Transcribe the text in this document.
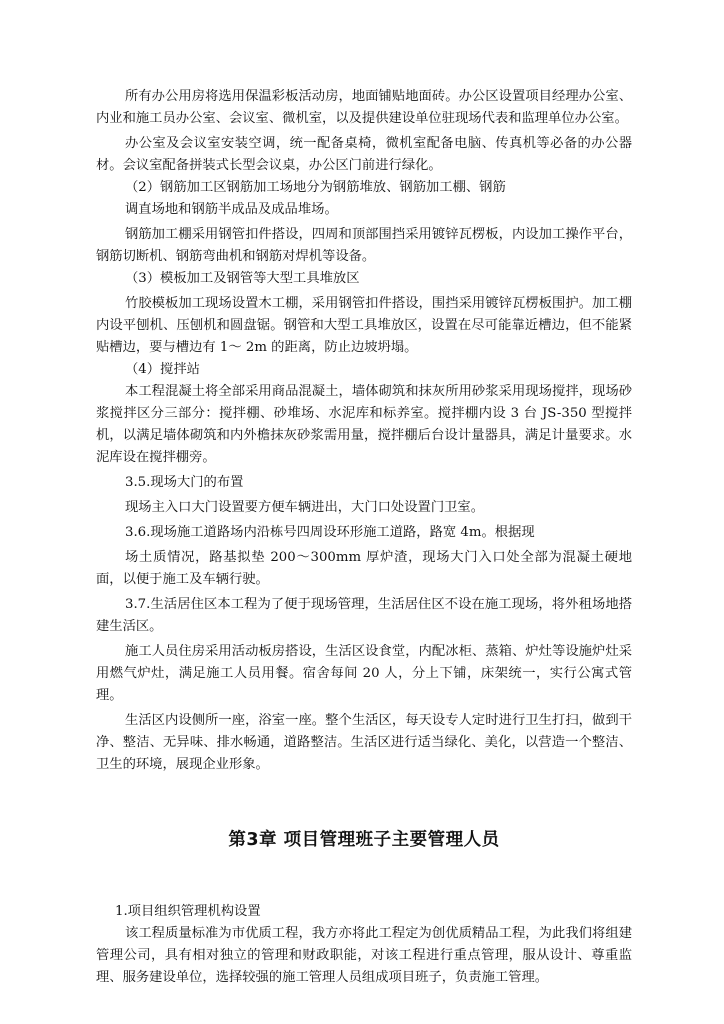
所有办公用房将选用保温彩板活动房，地面铺贴地面砖。办公区设置项目经理办公室、内业和施工员办公室、会议室、微机室，以及提供建设单位驻现场代表和监理单位办公室。

办公室及会议室安装空调，统一配备桌椅，微机室配备电脑、传真机等必备的办公器材。会议室配备拼装式长型会议桌，办公区门前进行绿化。

（2）钢筋加工区钢筋加工场地分为钢筋堆放、钢筋加工棚、钢筋

调直场地和钢筋半成品及成品堆场。

钢筋加工棚采用钢管扣件搭设，四周和顶部围挡采用镀锌瓦楞板，内设加工操作平台，钢筋切断机、钢筋弯曲机和钢筋对焊机等设备。

（3）模板加工及钢管等大型工具堆放区

竹胶模板加工现场设置木工棚，采用钢管扣件搭设，围挡采用镀锌瓦楞板围护。加工棚内设平刨机、压刨机和圆盘锯。钢管和大型工具堆放区，设置在尽可能靠近槽边，但不能紧贴槽边，要与槽边有 1～ 2m 的距离，防止边坡坍塌。

（4）搅拌站

本工程混凝土将全部采用商品混凝土，墙体砌筑和抹灰所用砂浆采用现场搅拌，现场砂浆搅拌区分三部分：搅拌棚、砂堆场、水泥库和标养室。搅拌棚内设 3 台 JS-350 型搅拌机，以满足墙体砌筑和内外檐抹灰砂浆需用量，搅拌棚后台设计量器具，满足计量要求。水泥库设在搅拌棚旁。

3.5.现场大门的布置

现场主入口大门设置要方便车辆进出，大门口处设置门卫室。

3.6.现场施工道路场内沿栋号四周设环形施工道路，路宽 4m。根据现

场土质情况，路基拟垫 200～300mm 厚炉渣，现场大门入口处全部为混凝土硬地面，以便于施工及车辆行驶。

3.7.生活居住区本工程为了便于现场管理，生活居住区不设在施工现场，将外租场地搭建生活区。

施工人员住房采用活动板房搭设，生活区设食堂，内配冰柜、蒸箱、炉灶等设施炉灶采用燃气炉灶，满足施工人员用餐。宿舍每间 20 人，分上下铺，床架统一，实行公寓式管理。

生活区内设侧所一座，浴室一座。整个生活区，每天设专人定时进行卫生打扫，做到干净、整洁、无异味、排水畅通，道路整洁。生活区进行适当绿化、美化，以营造一个整洁、卫生的环境，展现企业形象。

第3章 项目管理班子主要管理人员

1.项目组织管理机构设置

该工程质量标准为市优质工程，我方亦将此工程定为创优质精品工程，为此我们将组建管理公司，具有相对独立的管理和财政职能，对该工程进行重点管理，服从设计、尊重监理、服务建设单位，选择较强的施工管理人员组成项目班子，负责施工管理。
